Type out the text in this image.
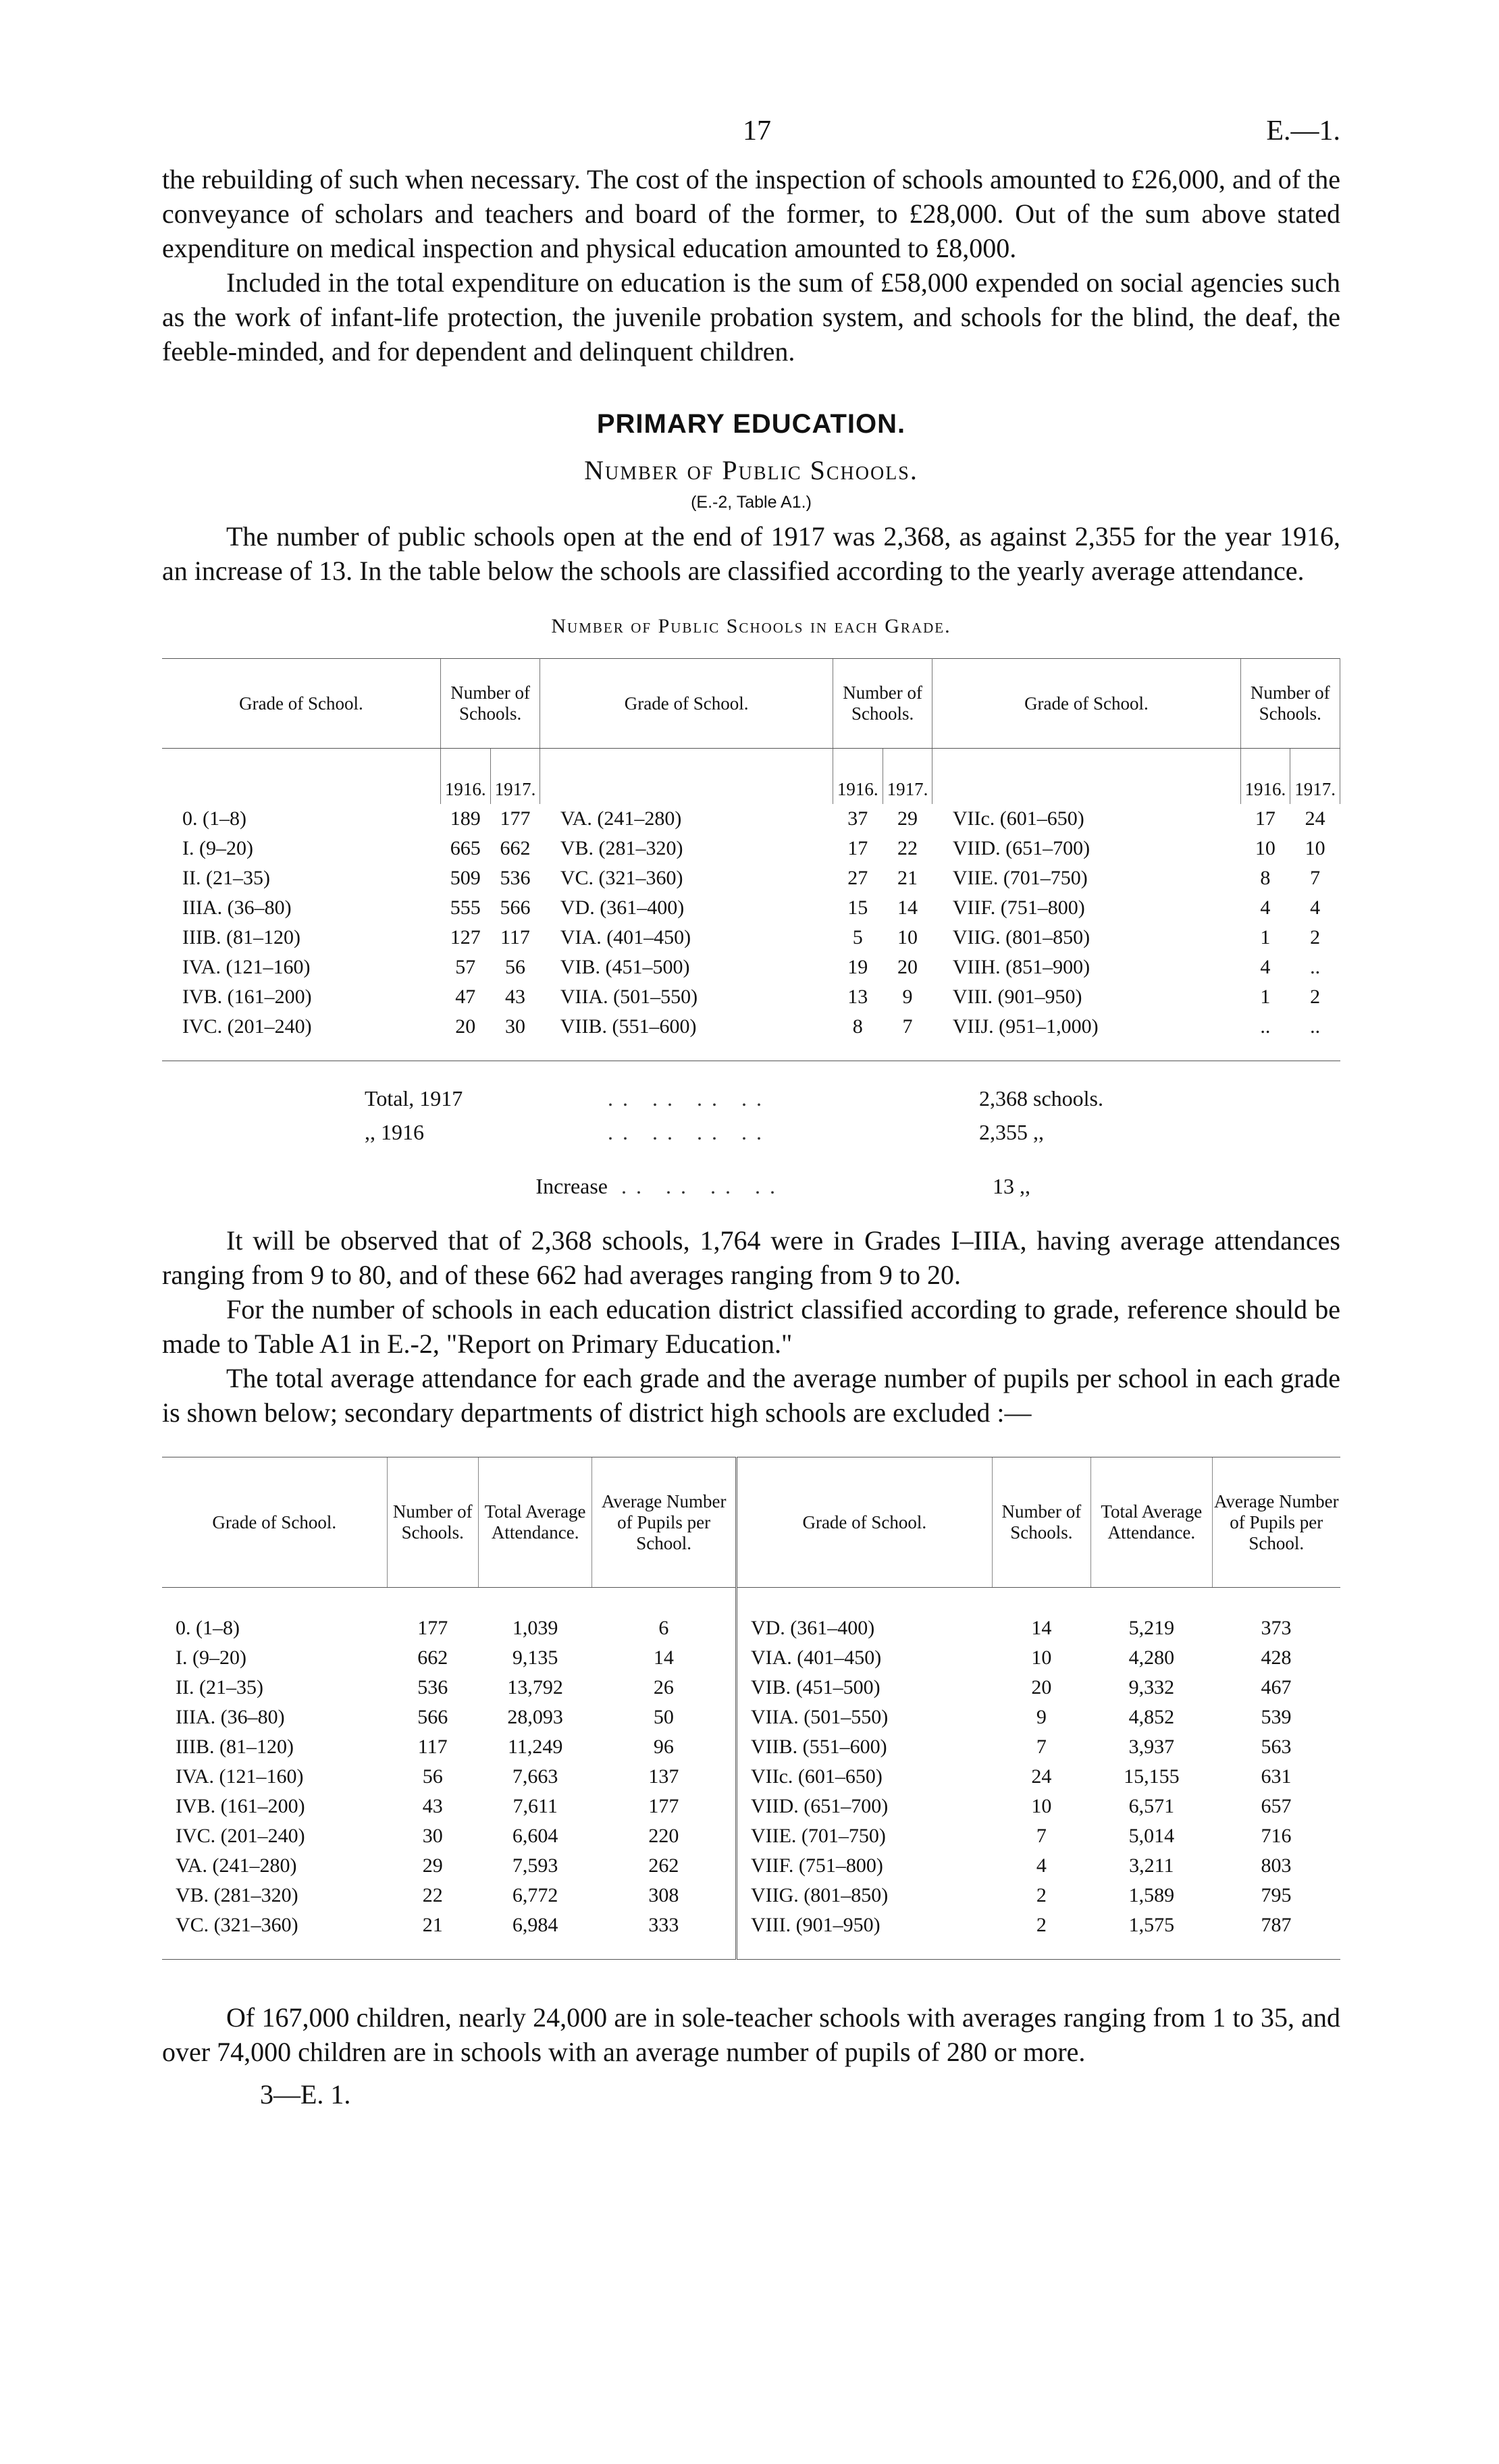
17	E.—1.

the rebuilding of such when necessary. The cost of the inspection of schools amounted to £26,000, and of the conveyance of scholars and teachers and board of the former, to £28,000. Out of the sum above stated expenditure on medical inspection and physical education amounted to £8,000.

Included in the total expenditure on education is the sum of £58,000 expended on social agencies such as the work of infant-life protection, the juvenile probation system, and schools for the blind, the deaf, the feeble-minded, and for dependent and delinquent children.

PRIMARY EDUCATION.
Number of Public Schools.
(E.-2, Table A1.)

The number of public schools open at the end of 1917 was 2,368, as against 2,355 for the year 1916, an increase of 13. In the table below the schools are classified according to the yearly average attendance.

Number of Public Schools in each Grade.
Grade of School.	Number of Schools.		Grade of School.	Number of Schools.		Grade of School.	Number of Schools.	
	1916.	1917.		1916.	1917.		1916.	1917.
0. (1–8)	189	177	VA. (241–280)	37	29	VIIc. (601–650)	17	24
I. (9–20)	665	662	VB. (281–320)	17	22	VIID. (651–700)	10	10
II. (21–35)	509	536	VC. (321–360)	27	21	VIIE. (701–750)	8	7
IIIA. (36–80)	555	566	VD. (361–400)	15	14	VIIF. (751–800)	4	4
IIIB. (81–120)	127	117	VIA. (401–450)	5	10	VIIG. (801–850)	1	2
IVA. (121–160)	57	56	VIB. (451–500)	19	20	VIIH. (851–900)	4	..
IVB. (161–200)	47	43	VIIA. (501–550)	13	9	VIII. (901–950)	1	2
IVC. (201–240)	20	30	VIIB. (551–600)	8	7	VIIJ. (951–1,000)	..	..
Total, 1917	.. .. .. ..	2,368 schools.
,, 1916	.. .. .. ..	2,355 ,,
Increase .. .. .. ..	13 ,,

It will be observed that of 2,368 schools, 1,764 were in Grades I–IIIA, having average attendances ranging from 9 to 80, and of these 662 had averages ranging from 9 to 20.

For the number of schools in each education district classified according to grade, reference should be made to Table A1 in E.-2, "Report on Primary Education."

The total average attendance for each grade and the average number of pupils per school in each grade is shown below; secondary departments of district high schools are excluded :—

Grade of School.	Number of Schools.	Total Average Attendance.	Average Number of Pupils per School.	Grade of School.	Number of Schools.	Total Average Attendance.	Average Number of Pupils per School.
0. (1–8)	177	1,039	6	VD. (361–400)	14	5,219	373
I. (9–20)	662	9,135	14	VIA. (401–450)	10	4,280	428
II. (21–35)	536	13,792	26	VIB. (451–500)	20	9,332	467
IIIA. (36–80)	566	28,093	50	VIIA. (501–550)	9	4,852	539
IIIB. (81–120)	117	11,249	96	VIIB. (551–600)	7	3,937	563
IVA. (121–160)	56	7,663	137	VIIc. (601–650)	24	15,155	631
IVB. (161–200)	43	7,611	177	VIID. (651–700)	10	6,571	657
IVC. (201–240)	30	6,604	220	VIIE. (701–750)	7	5,014	716
VA. (241–280)	29	7,593	262	VIIF. (751–800)	4	3,211	803
VB. (281–320)	22	6,772	308	VIIG. (801–850)	2	1,589	795
VC. (321–360)	21	6,984	333	VIII. (901–950)	2	1,575	787

Of 167,000 children, nearly 24,000 are in sole-teacher schools with averages ranging from 1 to 35, and over 74,000 children are in schools with an average number of pupils of 280 or more.

3—E. 1.
